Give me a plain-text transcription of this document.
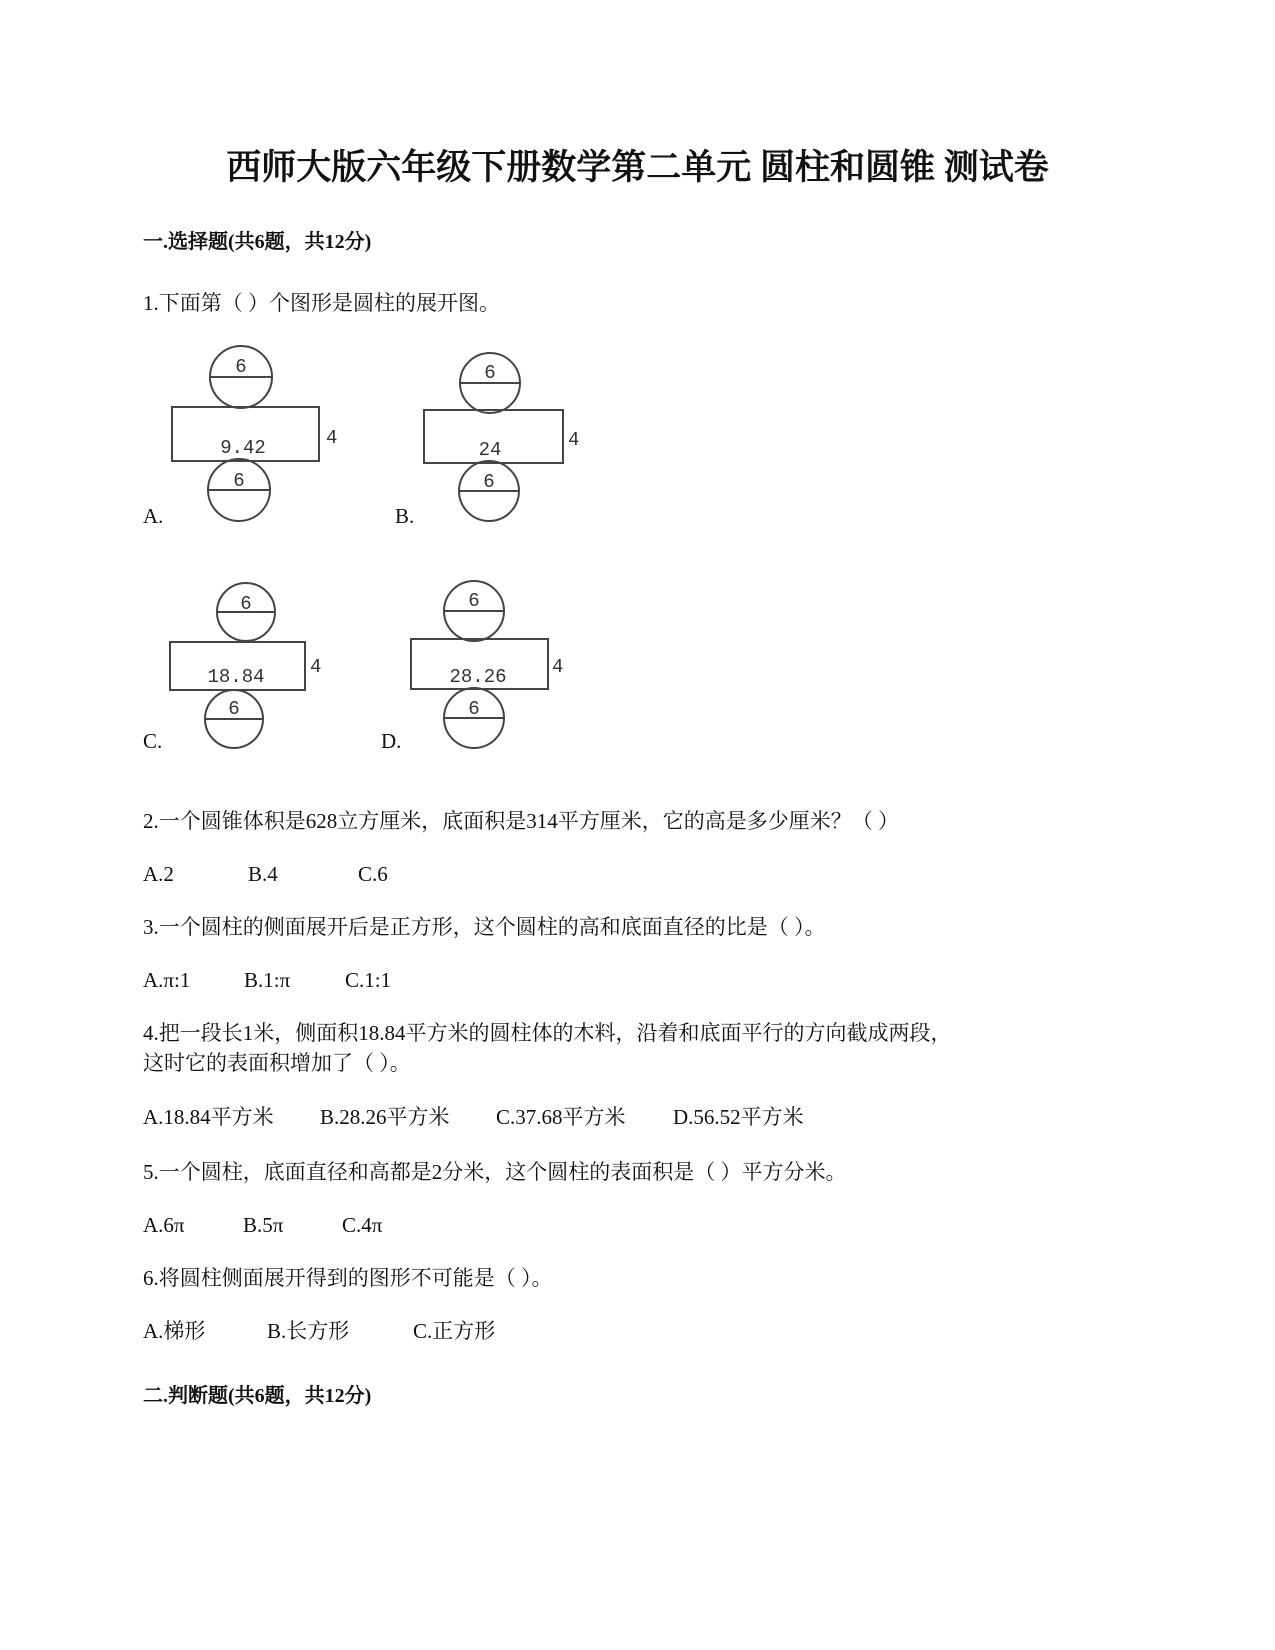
西师大版六年级下册数学第二单元 圆柱和圆锥 测试卷
一.选择题(共6题，共12分)
1.下面第（ ）个图形是圆柱的展开图。
6
9.42	4
6
6
24	4
6
6
18.84 4
6
6
28.26 4
6
A.	B.
C.	D.
2.一个圆锥体积是628立方厘米，底面积是314平方厘米，它的高是多少厘米？（ ）
A.2	B.4	C.6
3.一个圆柱的侧面展开后是正方形，这个圆柱的高和底面直径的比是（ ）。
A.π:1	B.1:π	C.1:1
4.把一段长1米，侧面积18.84平方米的圆柱体的木料，沿着和底面平行的方向截成两段，
这时它的表面积增加了（ ）。
A.18.84平方米 B.28.26平方米 C.37.68平方米 D.56.52平方米
5.一个圆柱，底面直径和高都是2分米，这个圆柱的表面积是（ ）平方分米。
A.6π	B.5π	C.4π
6.将圆柱侧面展开得到的图形不可能是（ ）。
A.梯形	B.长方形	C.正方形
二.判断题(共6题，共12分)
